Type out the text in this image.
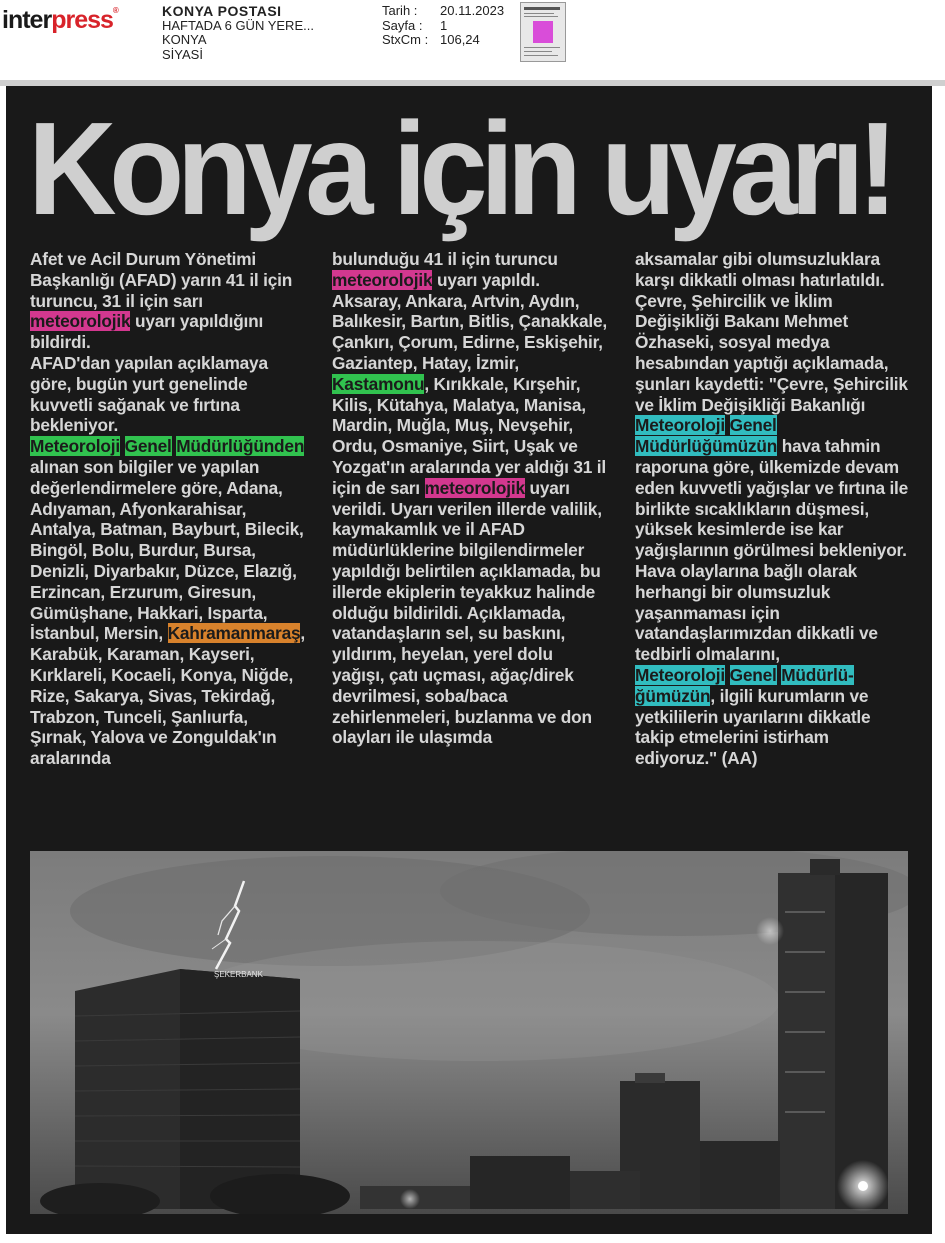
interpress®	KONYA POSTASI
HAFTADA 6 GÜN YERE...
KONYA
SİYASİ
Tarih : 20.11.2023
Sayfa : 1
StxCm : 106,24
Konya için uyarı!

Afet ve Acil Durum Yönetimi Başkanlığı (AFAD) yarın 41 il için turuncu, 31 il için sarı meteorolojik uyarı yapıldığını bildirdi.
AFAD'dan yapılan açıklamaya göre, bugün yurt genelinde kuvvetli sağanak ve fırtına bekleniyor.
Meteoroloji Genel Müdürlüğünden alınan son bilgiler ve yapılan değerlendirmelere göre, Adana, Adıyaman, Afyonkarahisar, Antalya, Batman, Bayburt, Bilecik, Bingöl, Bolu, Burdur, Bursa, Denizli, Diyarbakır, Düzce, Elazığ, Erzincan, Erzurum, Giresun, Gümüşhane, Hakkari, Isparta, İstanbul, Mersin, Kahramanmaraş, Karabük, Karaman, Kayseri, Kırklareli, Kocaeli, Konya, Niğde, Rize, Sakarya, Sivas, Tekirdağ, Trabzon, Tunceli, Şanlıurfa, Şırnak, Yalova ve Zonguldak'ın aralarında

bulunduğu 41 il için turuncu
meteorolojik uyarı yapıldı.
Aksaray, Ankara, Artvin, Aydın, Balıkesir, Bartın, Bitlis, Çanakkale, Çankırı, Çorum, Edirne, Eskişehir, Gaziantep, Hatay, İzmir, Kastamonu, Kırıkkale, Kırşehir, Kilis, Kütahya, Malatya, Manisa, Mardin, Muğla, Muş, Nevşehir, Ordu, Osmaniye, Siirt, Uşak ve Yozgat'ın aralarında yer aldığı 31 il için de sarı meteorolojik uyarı verildi. Uyarı verilen illerde valilik, kaymakamlık ve il AFAD müdürlüklerine bilgilendirmeler yapıldığı belirtilen açıklamada, bu illerde ekiplerin teyakkuz halinde olduğu bildirildi. Açıklamada, vatandaşların sel, su baskını, yıldırım, heyelan, yerel dolu yağışı, çatı uçması, ağaç/direk devrilmesi, soba/baca zehirlenmeleri, buzlanma ve don olayları ile ulaşımda

aksamalar gibi olumsuzluklara karşı dikkatli olması hatırlatıldı.
Çevre, Şehircilik ve İklim Değişikliği Bakanı Mehmet Özhaseki, sosyal medya hesabından yaptığı açıklamada, şunları kaydetti: "Çevre, Şehircilik ve İklim Değişikliği Bakanlığı
Meteoroloji Genel Müdürlüğümüzün hava tahmin raporuna göre, ülkemizde devam eden kuvvetli yağışlar ve fırtına ile birlikte sıcaklıkların düşmesi, yüksek kesimlerde ise kar yağışlarının görülmesi bekleniyor. Hava olaylarına bağlı olarak herhangi bir olumsuzluk yaşanmaması için vatandaşlarımızdan dikkatli ve tedbirli olmalarını,
Meteoroloji Genel Müdürlü-
ğümüzün, ilgili kurumların ve yetkililerin uyarılarını dikkatle takip etmelerini istirham ediyoruz." (AA)

ŞEKERBANK
